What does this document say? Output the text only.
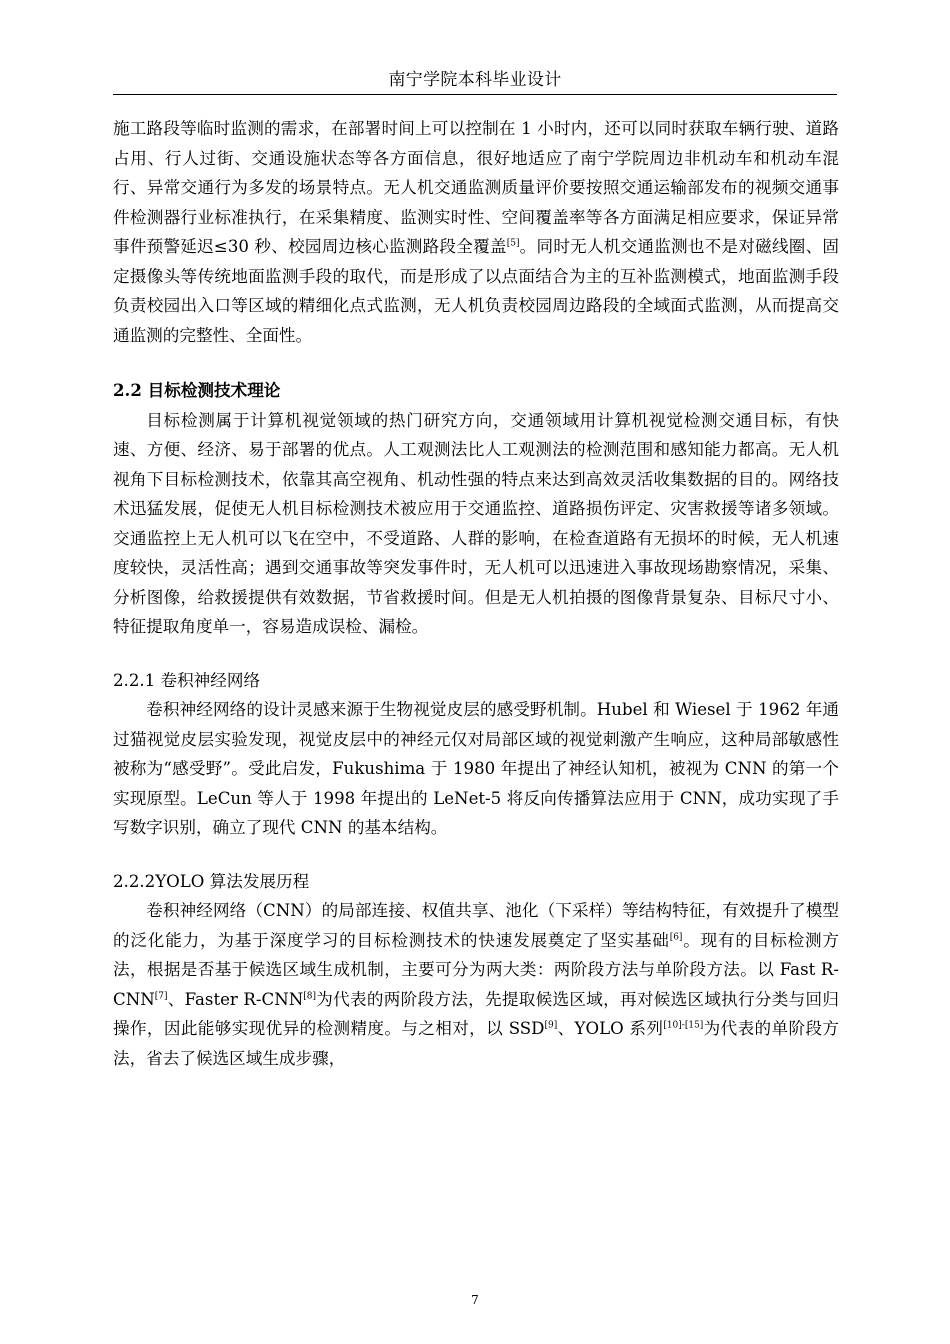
南宁学院本科毕业设计

施工路段等临时监测的需求，在部署时间上可以控制在 1 小时内，还可以同时获取车辆行驶、道路占用、行人过街、交通设施状态等各方面信息，很好地适应了南宁学院周边非机动车和机动车混行、异常交通行为多发的场景特点。无人机交通监测质量评价要按照交通运输部发布的视频交通事件检测器行业标准执行，在采集精度、监测实时性、空间覆盖率等各方面满足相应要求，保证异常事件预警延迟≤30 秒、校园周边核心监测路段全覆盖[5]。同时无人机交通监测也不是对磁线圈、固定摄像头等传统地面监测手段的取代，而是形成了以点面结合为主的互补监测模式，地面监测手段负责校园出入口等区域的精细化点式监测，无人机负责校园周边路段的全域面式监测，从而提高交通监测的完整性、全面性。

2.2 目标检测技术理论

目标检测属于计算机视觉领域的热门研究方向，交通领域用计算机视觉检测交通目标，有快速、方便、经济、易于部署的优点。人工观测法比人工观测法的检测范围和感知能力都高。无人机视角下目标检测技术，依靠其高空视角、机动性强的特点来达到高效灵活收集数据的目的。网络技术迅猛发展，促使无人机目标检测技术被应用于交通监控、道路损伤评定、灾害救援等诸多领域。交通监控上无人机可以飞在空中，不受道路、人群的影响，在检查道路有无损坏的时候，无人机速度较快，灵活性高；遇到交通事故等突发事件时，无人机可以迅速进入事故现场勘察情况，采集、分析图像，给救援提供有效数据，节省救援时间。但是无人机拍摄的图像背景复杂、目标尺寸小、特征提取角度单一，容易造成误检、漏检。

2.2.1 卷积神经网络

卷积神经网络的设计灵感来源于生物视觉皮层的感受野机制。Hubel 和 Wiesel 于 1962 年通过猫视觉皮层实验发现，视觉皮层中的神经元仅对局部区域的视觉刺激产生响应，这种局部敏感性被称为“感受野”。受此启发，Fukushima 于 1980 年提出了神经认知机，被视为 CNN 的第一个实现原型。LeCun 等人于 1998 年提出的 LeNet-5 将反向传播算法应用于 CNN，成功实现了手写数字识别，确立了现代 CNN 的基本结构。

2.2.2YOLO 算法发展历程

卷积神经网络（CNN）的局部连接、权值共享、池化（下采样）等结构特征，有效提升了模型的泛化能力，为基于深度学习的目标检测技术的快速发展奠定了坚实基础[6]。现有的目标检测方法，根据是否基于候选区域生成机制，主要可分为两大类：两阶段方法与单阶段方法。以 Fast R-CNN[7]、Faster R-CNN[8]为代表的两阶段方法，先提取候选区域，再对候选区域执行分类与回归操作，因此能够实现优异的检测精度。与之相对，以 SSD[9]、YOLO 系列[10]-[15]为代表的单阶段方法，省去了候选区域生成步骤，

7
